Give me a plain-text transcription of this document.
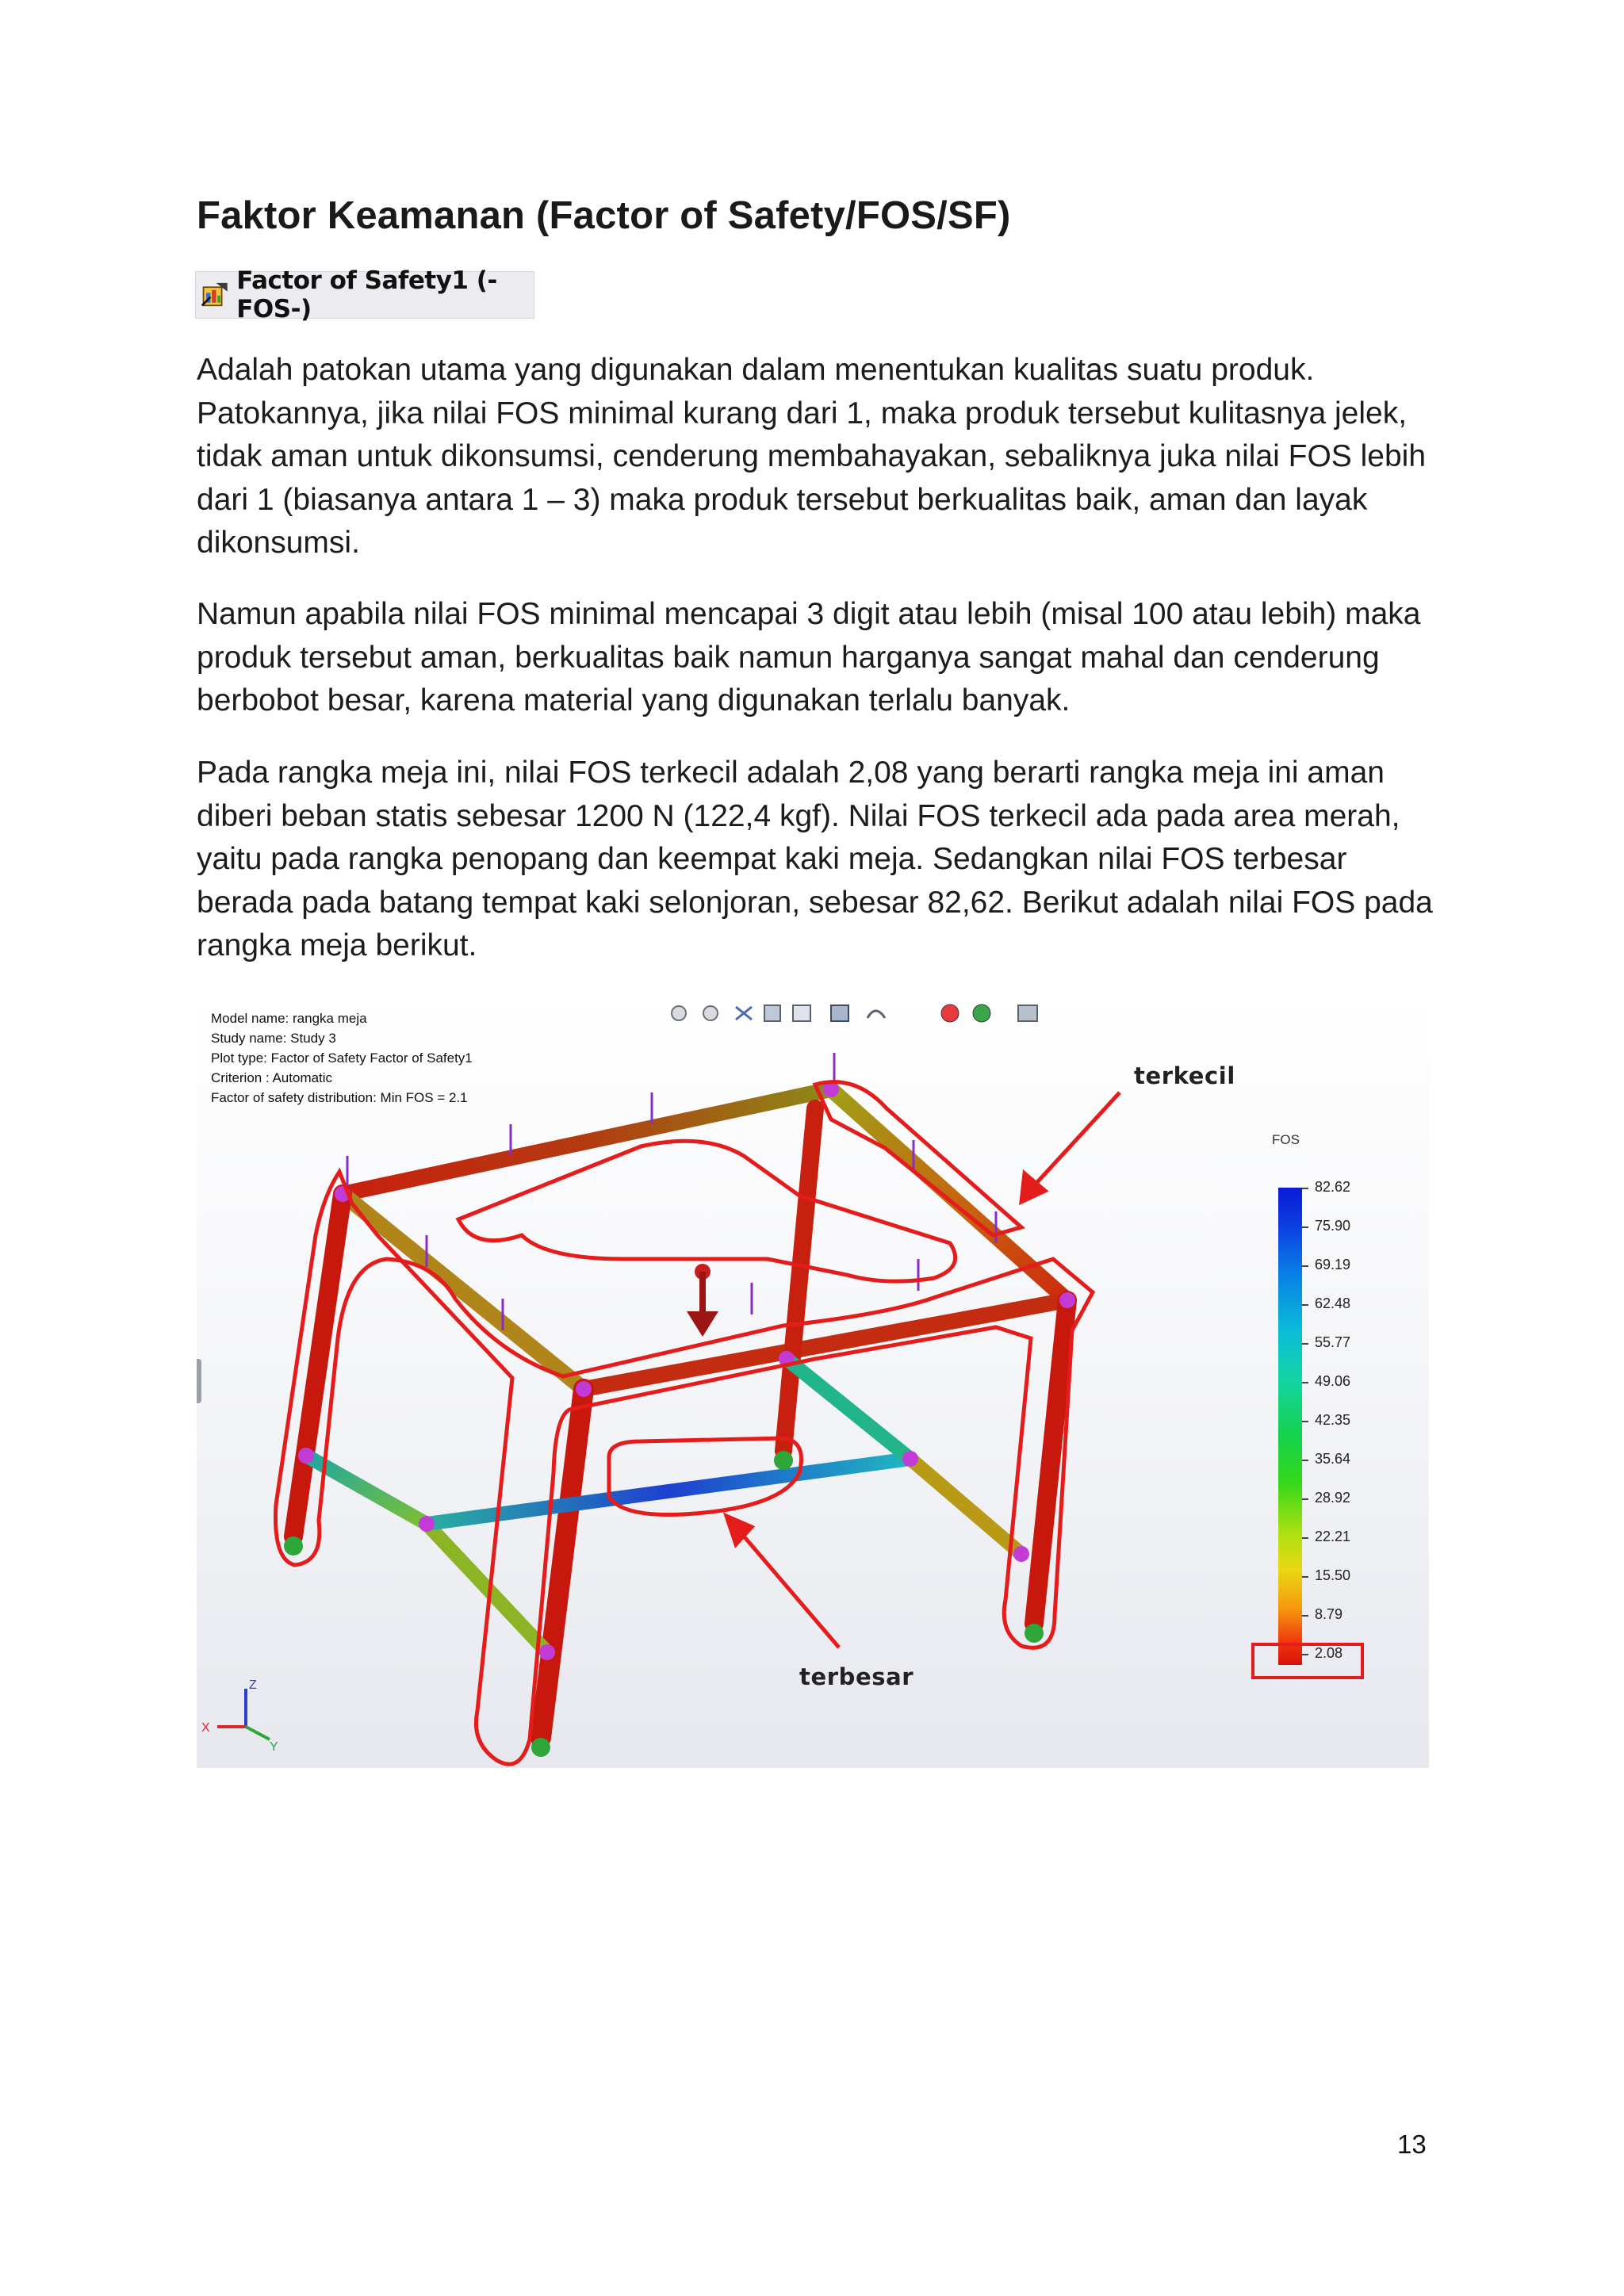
Faktor Keamanan (Factor of Safety/FOS/SF)
Factor of Safety1 (-FOS-)

Adalah patokan utama yang digunakan dalam menentukan kualitas suatu produk. Patokannya, jika nilai FOS minimal kurang dari 1, maka produk tersebut kulitasnya jelek, tidak aman untuk dikonsumsi, cenderung membahayakan, sebaliknya juka nilai FOS lebih dari 1 (biasanya antara 1 – 3) maka produk tersebut berkualitas baik, aman dan layak dikonsumsi.

Namun apabila nilai FOS minimal mencapai 3 digit atau lebih (misal 100 atau lebih) maka produk tersebut aman, berkualitas baik namun harganya sangat mahal dan cenderung berbobot besar, karena material yang digunakan terlalu banyak.

Pada rangka meja ini, nilai FOS terkecil adalah 2,08 yang berarti rangka meja ini aman diberi beban statis sebesar 1200 N (122,4 kgf). Nilai FOS terkecil ada pada area merah, yaitu pada rangka penopang dan keempat kaki meja. Sedangkan nilai FOS terbesar berada pada batang tempat kaki selonjoran, sebesar 82,62. Berikut adalah nilai FOS pada rangka meja berikut.

Z
X
Y
Model name: rangka meja
Study name: Study 3
Plot type: Factor of Safety Factor of Safety1
Criterion : Automatic
Factor of safety distribution: Min FOS = 2.1
terkecil
terbesar
FOS
82.62
75.90
69.19
62.48
55.77
49.06
42.35
35.64
28.92
22.21
15.50
8.79
2.08
13
